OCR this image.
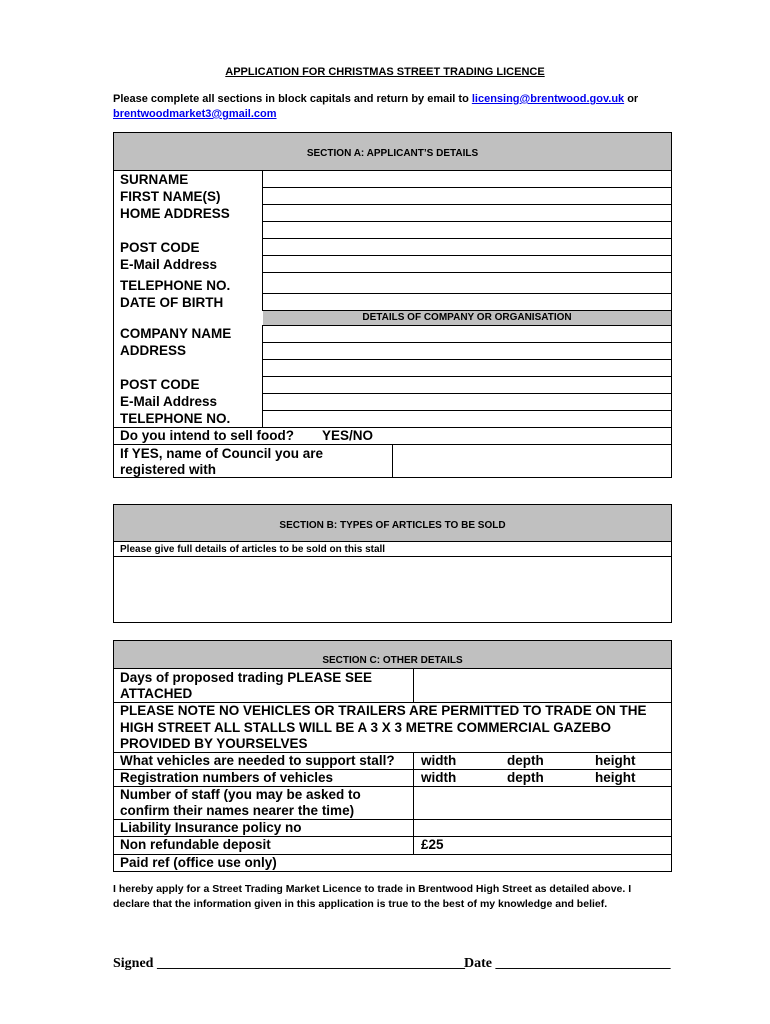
APPLICATION FOR CHRISTMAS STREET TRADING LICENCE
Please complete all sections in block capitals and return by email to licensing@brentwood.gov.uk or
brentwoodmarket3@gmail.com
SECTION A: APPLICANT’S DETAILS
SURNAME
FIRST NAME(S)
HOME ADDRESS
POST CODE
E-Mail Address
TELEPHONE NO.
DATE OF BIRTH
DETAILS OF COMPANY OR ORGANISATION
COMPANY NAME
ADDRESS
POST CODE
E-Mail Address
TELEPHONE NO.
Do you intend to sell food? YES/NO
If YES, name of Council you are
registered with
SECTION B: TYPES OF ARTICLES TO BE SOLD
Please give full details of articles to be sold on this stall
SECTION C: OTHER DETAILS
Days of proposed trading PLEASE SEE
ATTACHED
PLEASE NOTE NO VEHICLES OR TRAILERS ARE PERMITTED TO TRADE ON THE
HIGH STREET ALL STALLS WILL BE A 3 X 3 METRE COMMERCIAL GAZEBO
PROVIDED BY YOURSELVES
What vehicles are needed to support stall? width	depth	height
Registration numbers of vehicles	width	depth	height
Number of staff (you may be asked to
confirm their names nearer the time)
Liability Insurance policy no
Non refundable deposit	£25
Paid ref (office use only)
I hereby apply for a Street Trading Market Licence to trade in Brentwood High Street as detailed above. I declare that the information given in this application is true to the best of my knowledge and belief.
Signed ____________________________________________ Date _________________________
